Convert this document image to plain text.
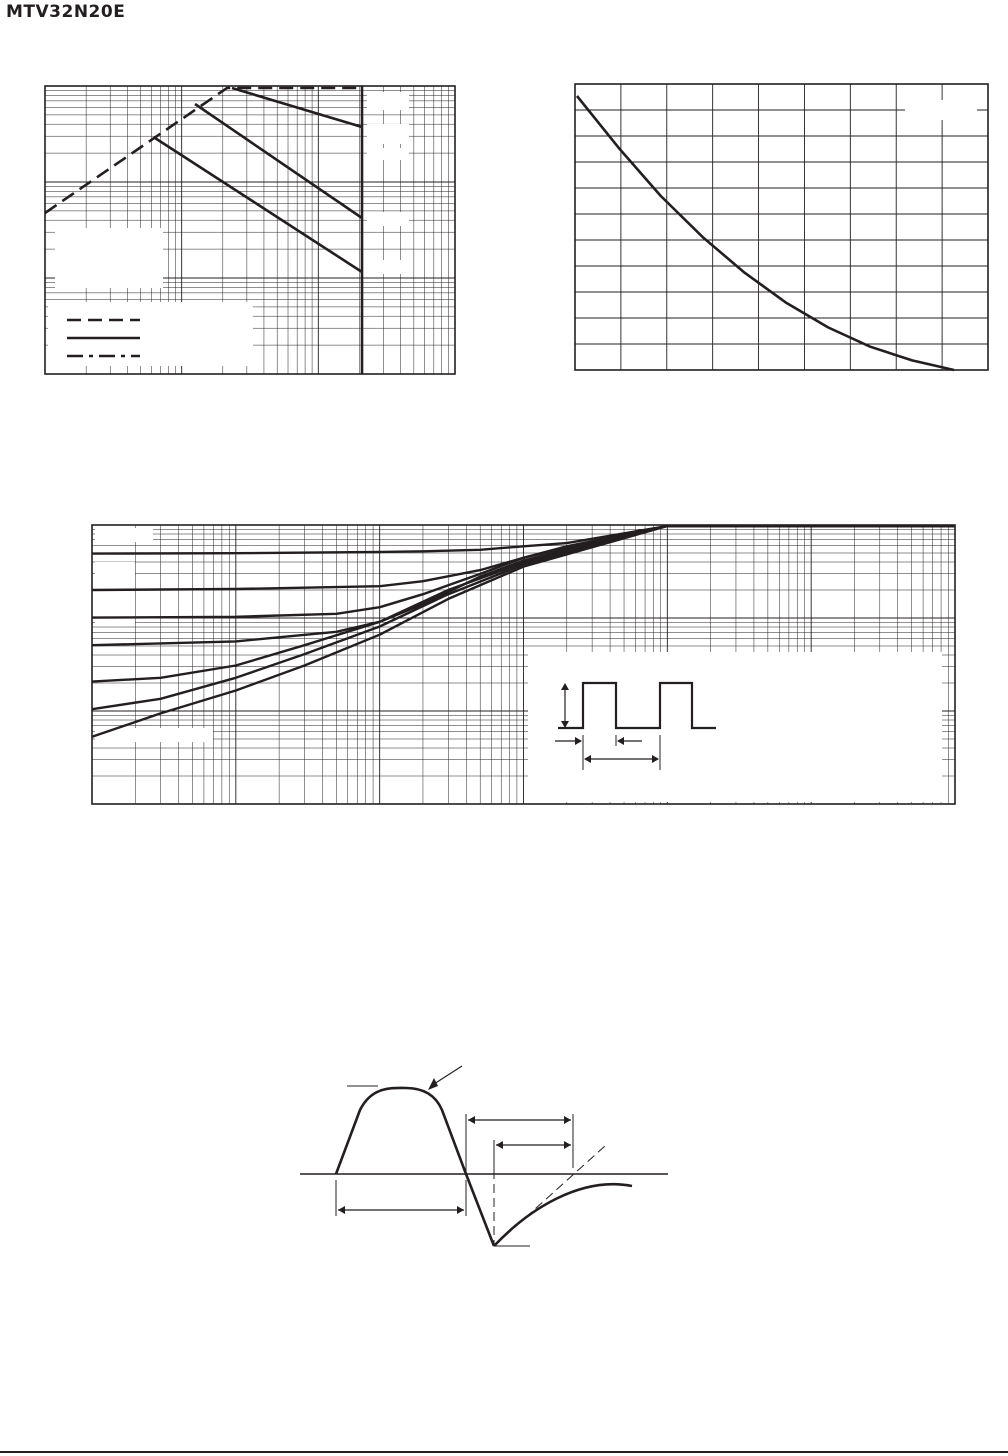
MTV32N20E
